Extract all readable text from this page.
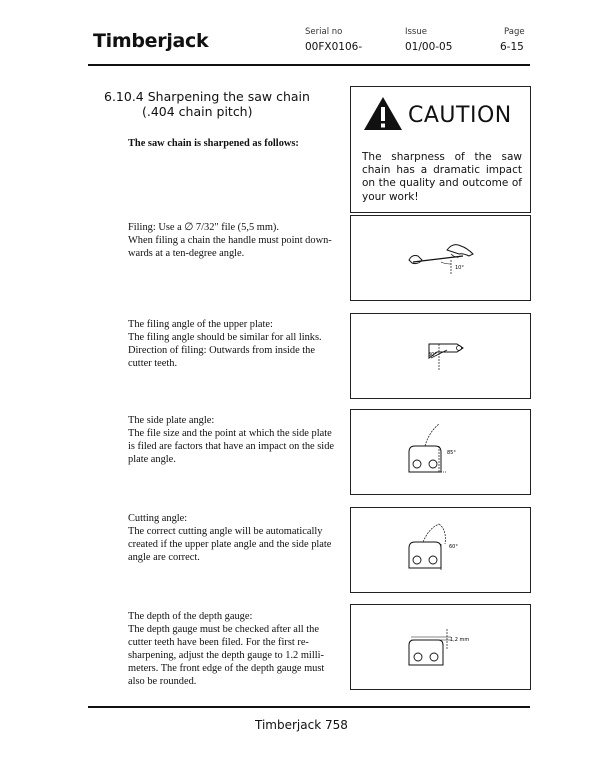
Timberjack	Serial no
00FX0106-
Issue
01/00-05
Page
6-15
6.10.4 Sharpening the saw chain
(.404 chain pitch)
The saw chain is sharpened as follows:
CAUTION
The sharpness of the saw chain has a dramatic impact on the quality and outcome of your work!
Filing: Use a ∅ 7/32" file (5,5 mm).
When filing a chain the handle must point down-
wards at a ten-degree angle.
10°
The filing angle of the upper plate:
The filing angle should be similar for all links.
Direction of filing: Outwards from inside the
cutter teeth.
30°
The side plate angle:
The file size and the point at which the side plate
is filed are factors that have an impact on the side
plate angle.
85°
Cutting angle:
The correct cutting angle will be automatically
created if the upper plate angle and the side plate
angle are correct.
60°
The depth of the depth gauge:
The depth gauge must be checked after all the
cutter teeth have been filed. For the first re-
sharpening, adjust the depth gauge to 1.2 milli-
meters. The front edge of the depth gauge must
also be rounded.
1,2 mm
Timberjack 758
